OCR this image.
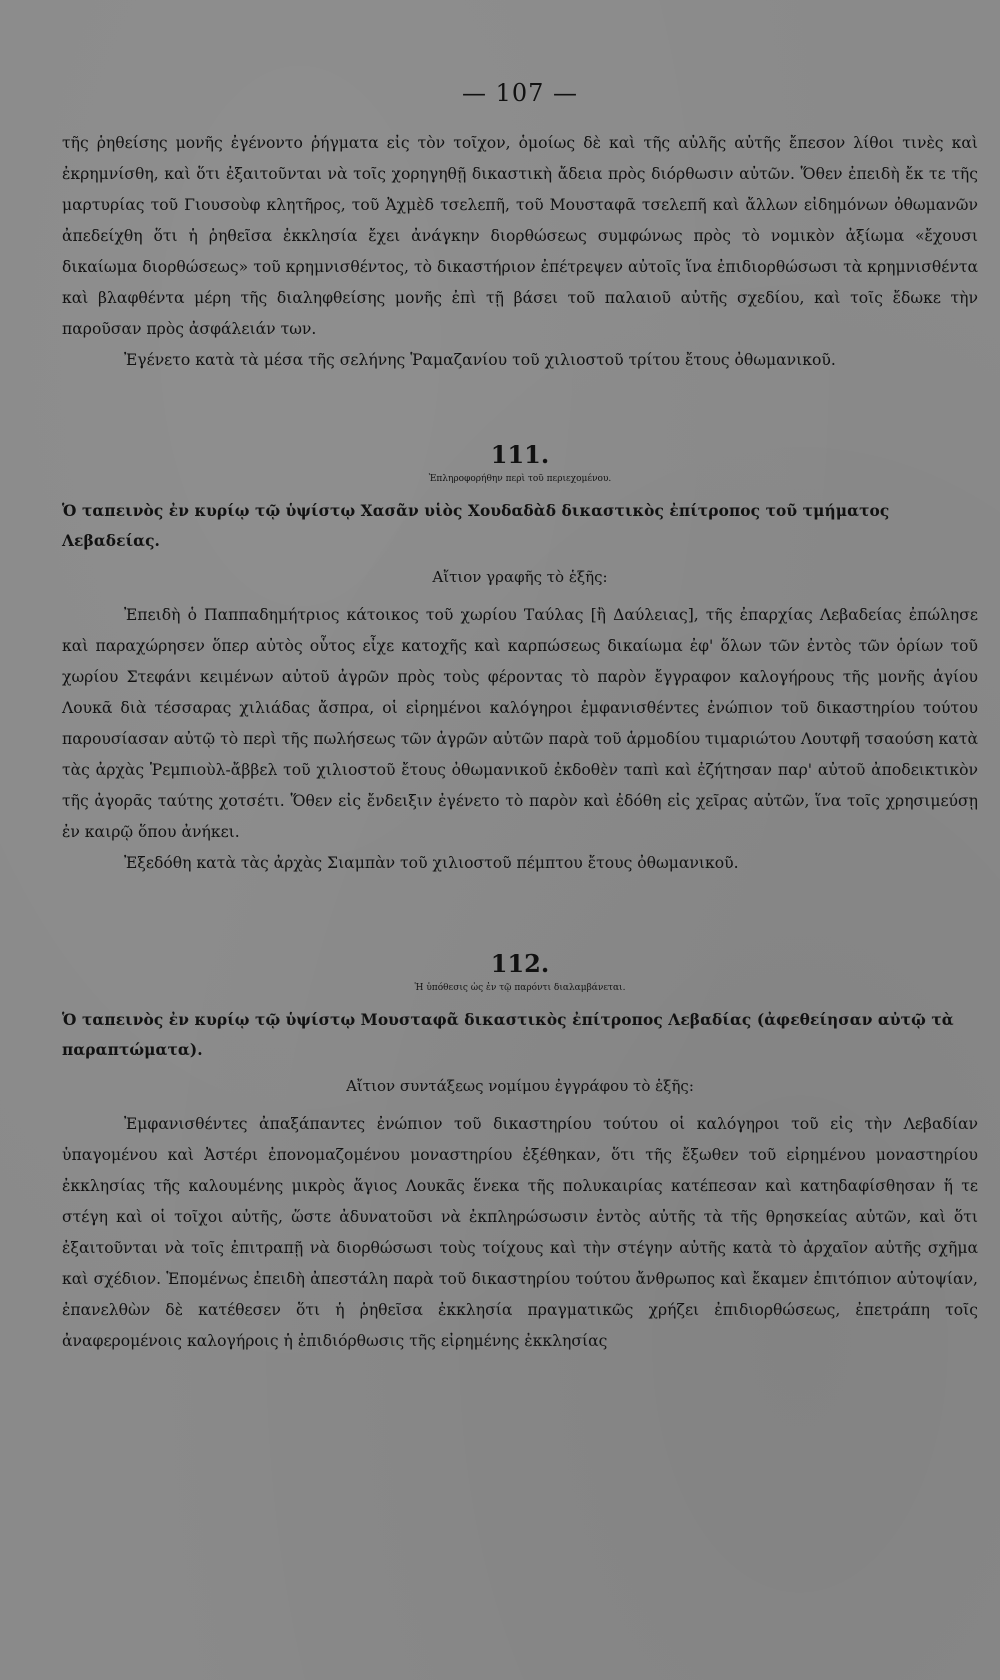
— 107 —

τῆς ῥηθείσης μονῆς ἐγένοντο ῥήγματα εἰς τὸν τοῖχον, ὁμοίως δὲ καὶ τῆς αὐλῆς αὐτῆς ἔπεσον λίθοι τινὲς καὶ ἐκρημνίσθη, καὶ ὅτι ἐξαιτοῦνται νὰ τοῖς χορηγηθῇ δικαστικὴ ἄδεια πρὸς διόρθωσιν αὐτῶν. Ὅθεν ἐπειδὴ ἔκ τε τῆς μαρτυρίας τοῦ Γιουσοὺφ κλητῆρος, τοῦ Ἀχμὲδ τσελεπῆ, τοῦ Μουσταφᾶ τσελεπῆ καὶ ἄλλων εἰδημόνων ὀθωμανῶν ἀπεδείχθη ὅτι ἡ ῥηθεῖσα ἐκκλησία ἔχει ἀνάγκην διορθώσεως συμφώνως πρὸς τὸ νομικὸν ἀξίωμα «ἔχουσι δικαίωμα διορθώσεως» τοῦ κρημνισθέντος, τὸ δικαστήριον ἐπέτρεψεν αὐτοῖς ἵνα ἐπιδιορθώσωσι τὰ κρημνισθέντα καὶ βλαφθέντα μέρη τῆς διαληφθείσης μονῆς ἐπὶ τῇ βάσει τοῦ παλαιοῦ αὐτῆς σχεδίου, καὶ τοῖς ἔδωκε τὴν παροῦσαν πρὸς ἀσφάλειάν των.

Ἐγένετο κατὰ τὰ μέσα τῆς σελήνης Ῥαμαζανίου τοῦ χιλιοστοῦ τρίτου ἔτους ὀθωμανικοῦ.

111.
Ἐπληροφορήθην περὶ τοῦ περιεχομένου.

Ὁ ταπεινὸς ἐν κυρίῳ τῷ ὑψίστῳ Χασᾶν υἱὸς Χουδαδὰδ δικαστικὸς ἐπίτροπος τοῦ τμήματος Λεβαδείας.

Αἴτιον γραφῆς τὸ ἑξῆς:

Ἐπειδὴ ὁ Παππαδημήτριος κάτοικος τοῦ χωρίου Ταύλας [ἢ Δαύλειας], τῆς ἐπαρχίας Λεβαδείας ἐπώλησε καὶ παραχώρησεν ὅπερ αὐτὸς οὗτος εἶχε κατοχῆς καὶ καρπώσεως δικαίωμα ἐφ' ὅλων τῶν ἐντὸς τῶν ὁρίων τοῦ χωρίου Στεφάνι κειμένων αὐτοῦ ἀγρῶν πρὸς τοὺς φέροντας τὸ παρὸν ἔγγραφον καλογήρους τῆς μονῆς ἁγίου Λουκᾶ διὰ τέσσαρας χιλιάδας ἄσπρα, οἱ εἰρημένοι καλόγηροι ἐμφανισθέντες ἐνώπιον τοῦ δικαστηρίου τούτου παρουσίασαν αὐτῷ τὸ περὶ τῆς πωλήσεως τῶν ἀγρῶν αὐτῶν παρὰ τοῦ ἁρμοδίου τιμαριώτου Λουτφῆ τσαούση κατὰ τὰς ἀρχὰς Ῥεμπιοὺλ-ἄββελ τοῦ χιλιοστοῦ ἔτους ὀθωμανικοῦ ἐκδοθὲν ταπὶ καὶ ἐζήτησαν παρ' αὐτοῦ ἀποδεικτικὸν τῆς ἀγορᾶς ταύτης χοτσέτι. Ὅθεν εἰς ἔνδειξιν ἐγένετο τὸ παρὸν καὶ ἐδόθη εἰς χεῖρας αὐτῶν, ἵνα τοῖς χρησιμεύσῃ ἐν καιρῷ ὅπου ἀνήκει.

Ἐξεδόθη κατὰ τὰς ἀρχὰς Σιαμπὰν τοῦ χιλιοστοῦ πέμπτου ἔτους ὀθωμανικοῦ.

112.
Ἡ ὑπόθεσις ὡς ἐν τῷ παρόντι διαλαμβάνεται.

Ὁ ταπεινὸς ἐν κυρίῳ τῷ ὑψίστῳ Μουσταφᾶ δικαστικὸς ἐπίτροπος Λεβαδίας (ἀφεθείησαν αὐτῷ τὰ παραπτώματα).

Αἴτιον συντάξεως νομίμου ἐγγράφου τὸ ἑξῆς:

Ἐμφανισθέντες ἀπαξάπαντες ἐνώπιον τοῦ δικαστηρίου τούτου οἱ καλόγηροι τοῦ εἰς τὴν Λεβαδίαν ὑπαγομένου καὶ Ἀστέρι ἐπονομαζομένου μοναστηρίου ἐξέθηκαν, ὅτι τῆς ἔξωθεν τοῦ εἰρημένου μοναστηρίου ἐκκλησίας τῆς καλουμένης μικρὸς ἅγιος Λουκᾶς ἕνεκα τῆς πολυκαιρίας κατέπεσαν καὶ κατηδαφίσθησαν ἥ τε στέγη καὶ οἱ τοῖχοι αὐτῆς, ὥστε ἀδυνατοῦσι νὰ ἐκπληρώσωσιν ἐντὸς αὐτῆς τὰ τῆς θρησκείας αὐτῶν, καὶ ὅτι ἐξαιτοῦνται νὰ τοῖς ἐπιτραπῇ νὰ διορθώσωσι τοὺς τοίχους καὶ τὴν στέγην αὐτῆς κατὰ τὸ ἀρχαῖον αὐτῆς σχῆμα καὶ σχέδιον. Ἑπομένως ἐπειδὴ ἀπεστάλη παρὰ τοῦ δικαστηρίου τούτου ἄνθρωπος καὶ ἔκαμεν ἐπιτόπιον αὐτοψίαν, ἐπανελθὼν δὲ κατέθεσεν ὅτι ἡ ῥηθεῖσα ἐκκλησία πραγματικῶς χρήζει ἐπιδιορθώσεως, ἐπετράπη τοῖς ἀναφερομένοις καλογήροις ἡ ἐπιδιόρθωσις τῆς εἰρημένης ἐκκλησίας
